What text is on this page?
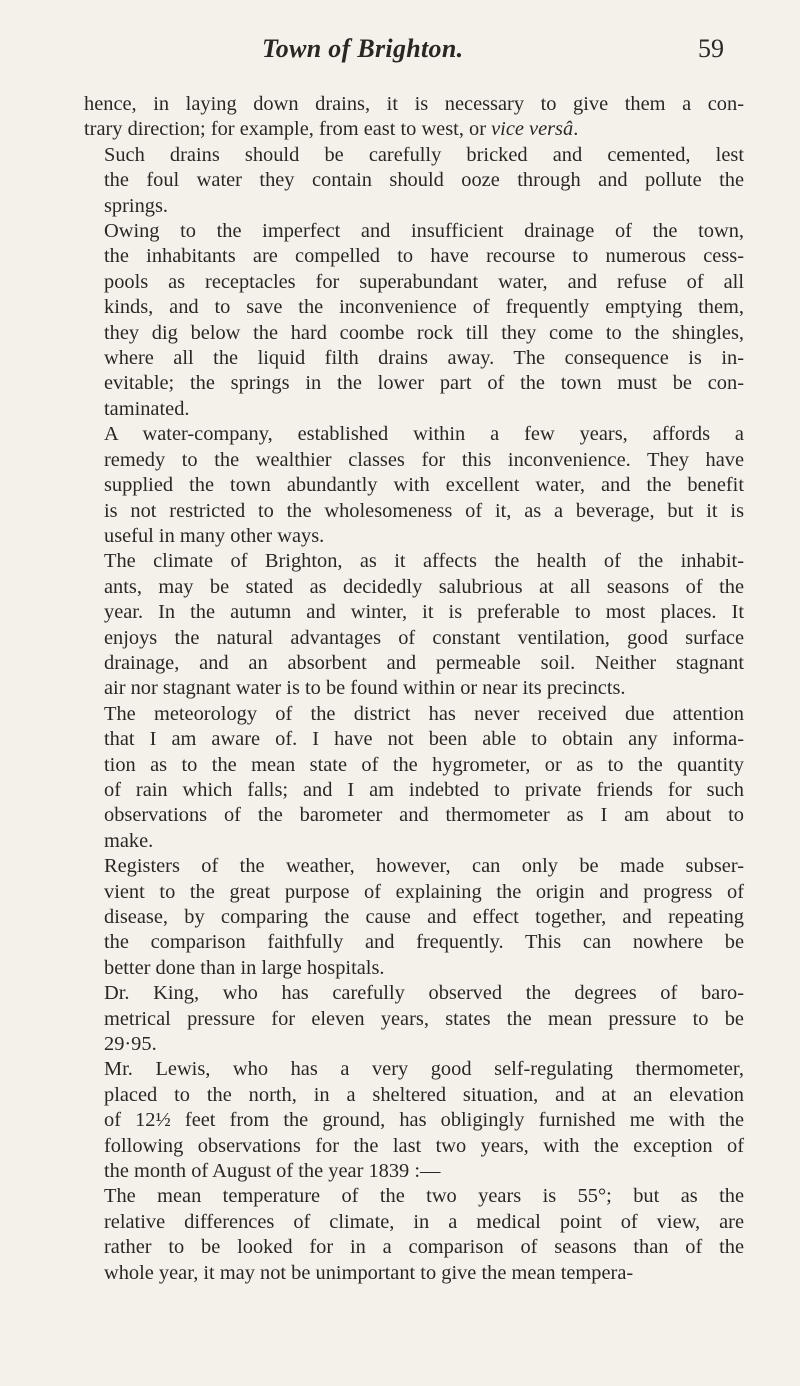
Town of Brighton.	59

hence, in laying down drains, it is necessary to give them a con-
trary direction; for example, from east to west, or vice versâ.

Such drains should be carefully bricked and cemented, lest
the foul water they contain should ooze through and pollute the
springs.

Owing to the imperfect and insufficient drainage of the town,
the inhabitants are compelled to have recourse to numerous cess-
pools as receptacles for superabundant water, and refuse of all
kinds, and to save the inconvenience of frequently emptying them,
they dig below the hard coombe rock till they come to the shingles,
where all the liquid filth drains away. The consequence is in-
evitable; the springs in the lower part of the town must be con-
taminated.

A water-company, established within a few years, affords a
remedy to the wealthier classes for this inconvenience. They have
supplied the town abundantly with excellent water, and the benefit
is not restricted to the wholesomeness of it, as a beverage, but it is
useful in many other ways.

The climate of Brighton, as it affects the health of the inhabit-
ants, may be stated as decidedly salubrious at all seasons of the
year. In the autumn and winter, it is preferable to most places. It
enjoys the natural advantages of constant ventilation, good surface
drainage, and an absorbent and permeable soil. Neither stagnant
air nor stagnant water is to be found within or near its precincts.

The meteorology of the district has never received due attention
that I am aware of. I have not been able to obtain any informa-
tion as to the mean state of the hygrometer, or as to the quantity
of rain which falls; and I am indebted to private friends for such
observations of the barometer and thermometer as I am about to
make.

Registers of the weather, however, can only be made subser-
vient to the great purpose of explaining the origin and progress of
disease, by comparing the cause and effect together, and repeating
the comparison faithfully and frequently. This can nowhere be
better done than in large hospitals.

Dr. King, who has carefully observed the degrees of baro-
metrical pressure for eleven years, states the mean pressure to be
29·95.

Mr. Lewis, who has a very good self-regulating thermometer,
placed to the north, in a sheltered situation, and at an elevation
of 12½ feet from the ground, has obligingly furnished me with the
following observations for the last two years, with the exception of
the month of August of the year 1839 :—

The mean temperature of the two years is 55°; but as the
relative differences of climate, in a medical point of view, are
rather to be looked for in a comparison of seasons than of the
whole year, it may not be unimportant to give the mean tempera-
